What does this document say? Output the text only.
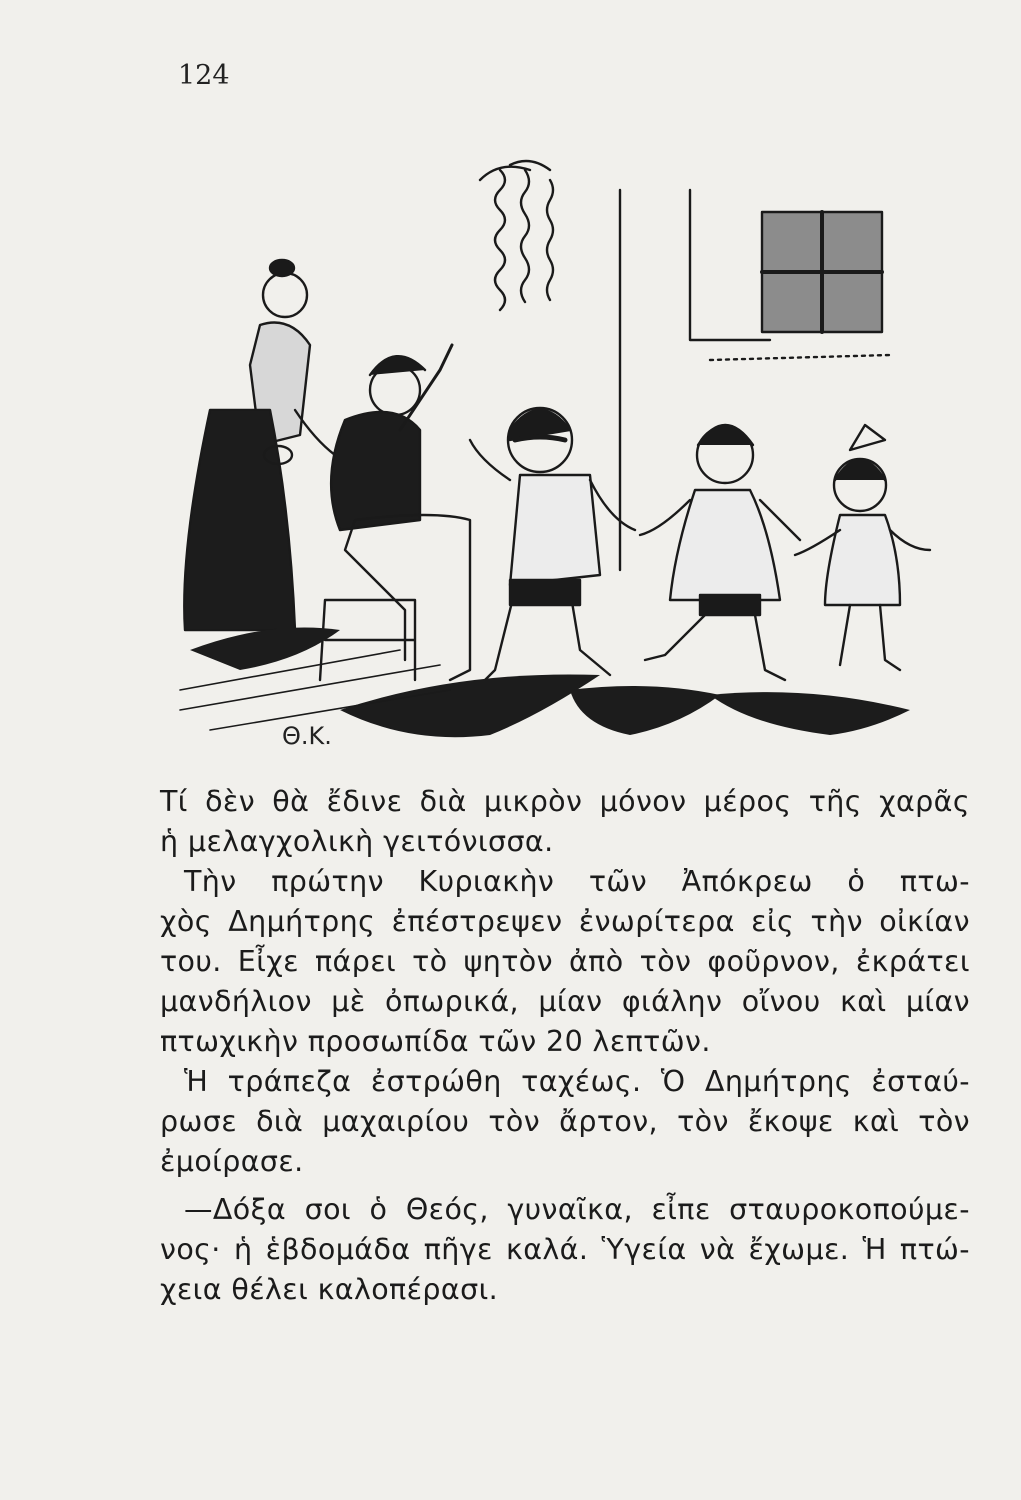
124
Θ.Κ.
Τί δὲν θὰ ἔδινε διὰ μικρὸν μόνον μέρος τῆς χαρᾶς
ἡ μελαγχολικὴ γειτόνισσα.
Τὴν πρώτην Κυριακὴν τῶν Ἀπόκρεω ὁ πτω-
χὸς Δημήτρης ἐπέστρεψεν ἐνωρίτερα εἰς τὴν οἰκίαν
του. Εἶχε πάρει τὸ ψητὸν ἀπὸ τὸν φοῦρνον, ἐκράτει
μανδήλιον μὲ ὀπωρικά, μίαν φιάλην οἴνου καὶ μίαν
πτωχικὴν προσωπίδα τῶν 20 λεπτῶν.
Ἡ τράπεζα ἐστρώθη ταχέως. Ὁ Δημήτρης ἐσταύ-
ρωσε διὰ μαχαιρίου τὸν ἄρτον, τὸν ἔκοψε καὶ τὸν
ἐμοίρασε.
—Δόξα σοι ὁ Θεός, γυναῖκα, εἶπε σταυροκοπούμε-
νος· ἡ ἑβδομάδα πῆγε καλά. Ὑγεία νὰ ἔχωμε. Ἡ πτώ-
χεια θέλει καλοπέρασι.
